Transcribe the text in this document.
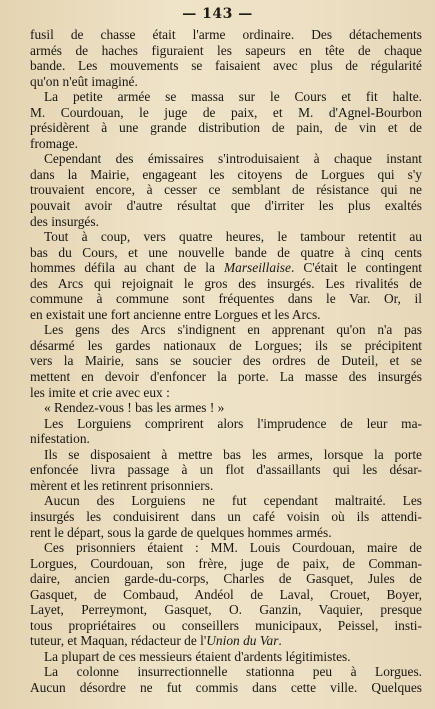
— 143 —
fusil de chasse était l'arme ordinaire. Des détachements
armés de haches figuraient les sapeurs en tête de chaque
bande. Les mouvements se faisaient avec plus de régularité
qu'on n'eût imaginé.
La petite armée se massa sur le Cours et fit halte.
M. Courdouan, le juge de paix, et M. d'Agnel-Bourbon
présidèrent à une grande distribution de pain, de vin et de
fromage.
Cependant des émissaires s'introduisaient à chaque instant
dans la Mairie, engageant les citoyens de Lorgues qui s'y
trouvaient encore, à cesser ce semblant de résistance qui ne
pouvait avoir d'autre résultat que d'irriter les plus exaltés
des insurgés.
Tout à coup, vers quatre heures, le tambour retentit au
bas du Cours, et une nouvelle bande de quatre à cinq cents
hommes défila au chant de la Marseillaise. C'était le contingent
des Arcs qui rejoignait le gros des insurgés. Les rivalités de
commune à commune sont fréquentes dans le Var. Or, il
en existait une fort ancienne entre Lorgues et les Arcs.
Les gens des Arcs s'indignent en apprenant qu'on n'a pas
désarmé les gardes nationaux de Lorgues; ils se précipitent
vers la Mairie, sans se soucier des ordres de Duteil, et se
mettent en devoir d'enfoncer la porte. La masse des insurgés
les imite et crie avec eux :
« Rendez-vous ! bas les armes ! »
Les Lorguiens comprirent alors l'imprudence de leur ma-
nifestation.
Ils se disposaient à mettre bas les armes, lorsque la porte
enfoncée livra passage à un flot d'assaillants qui les désar-
mèrent et les retinrent prisonniers.
Aucun des Lorguiens ne fut cependant maltraité. Les
insurgés les conduisirent dans un café voisin où ils attendi-
rent le départ, sous la garde de quelques hommes armés.
Ces prisonniers étaient : MM. Louis Courdouan, maire de
Lorgues, Courdouan, son frère, juge de paix, de Comman-
daire, ancien garde-du-corps, Charles de Gasquet, Jules de
Gasquet, de Combaud, Andéol de Laval, Crouet, Boyer,
Layet, Perreymont, Gasquet, O. Ganzin, Vaquier, presque
tous propriétaires ou conseillers municipaux, Peissel, insti-
tuteur, et Maquan, rédacteur de l'Union du Var.
La plupart de ces messieurs étaient d'ardents légitimistes.
La colonne insurrectionnelle stationna peu à Lorgues.
Aucun désordre ne fut commis dans cette ville. Quelques
